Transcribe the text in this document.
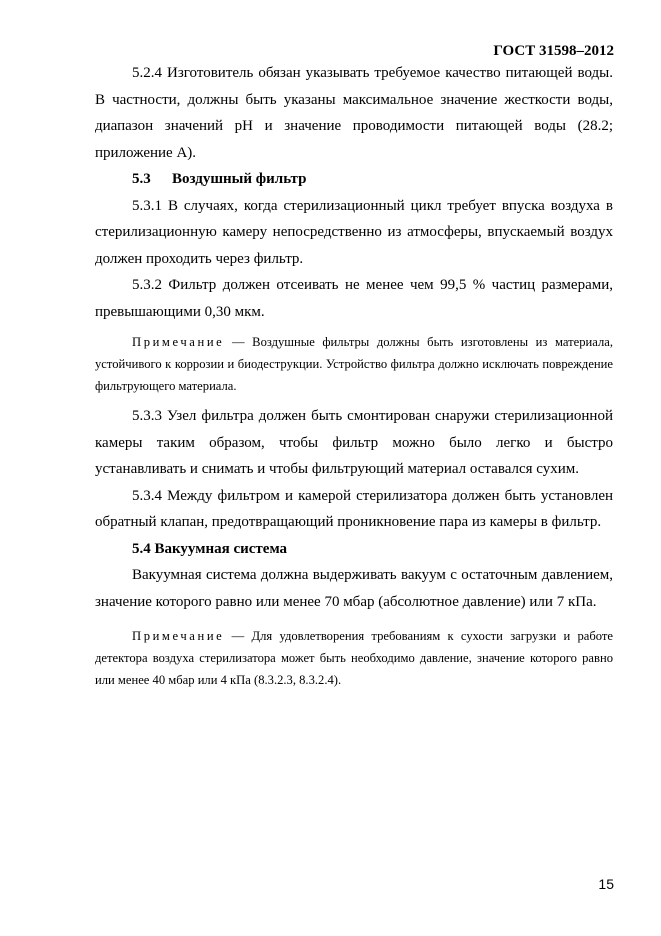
ГОСТ 31598–2012

5.2.4 Изготовитель обязан указывать требуемое качество питающей воды. В частности, должны быть указаны максимальное значение жесткости воды, диапазон значений pH и значение проводимости питающей воды (28.2; приложение А).

5.3 Воздушный фильтр

5.3.1 В случаях, когда стерилизационный цикл требует впуска воздуха в стерилизационную камеру непосредственно из атмосферы, впускаемый воздух должен проходить через фильтр.

5.3.2 Фильтр должен отсеивать не менее чем 99,5 % частиц размерами, превышающими 0,30 мкм.

Примечание — Воздушные фильтры должны быть изготовлены из материала, устойчивого к коррозии и биодеструкции. Устройство фильтра должно исключать повреждение фильтрующего материала.

5.3.3 Узел фильтра должен быть смонтирован снаружи стерилизационной камеры таким образом, чтобы фильтр можно было легко и быстро устанавливать и снимать и чтобы фильтрующий материал оставался сухим.

5.3.4 Между фильтром и камерой стерилизатора должен быть установлен обратный клапан, предотвращающий проникновение пара из камеры в фильтр.

5.4 Вакуумная система

Вакуумная система должна выдерживать вакуум с остаточным давлением, значение которого равно или менее 70 мбар (абсолютное давление) или 7 кПа.

Примечание — Для удовлетворения требованиям к сухости загрузки и работе детектора воздуха стерилизатора может быть необходимо давление, значение которого равно или менее 40 мбар или 4 кПа (8.3.2.3, 8.3.2.4).

15
